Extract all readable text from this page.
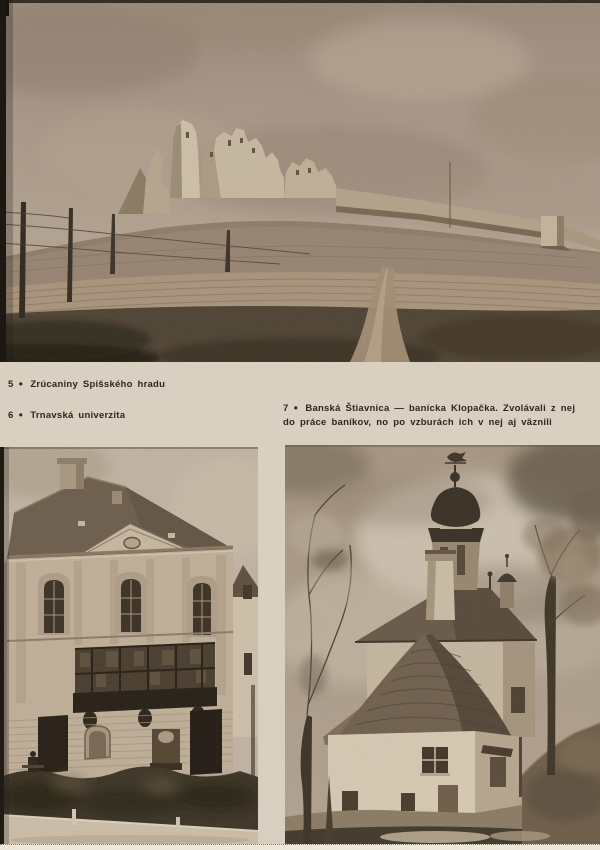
5 ● Zrúcaniny Spišského hradu
6 ● Trnavská univerzita
7 ● Banská Štiavnica — banícka Klopačka. Zvolávali z nej
do práce baníkov, no po vzburách ich v nej aj väznili
